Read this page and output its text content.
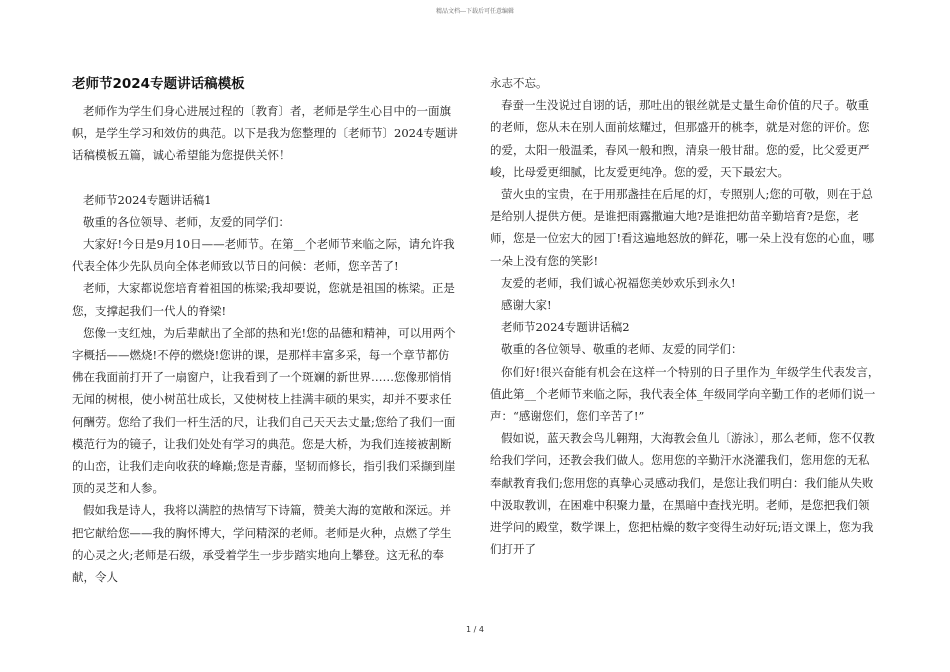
精品文档---下载后可任意编辑
老师节2024专题讲话稿模板

老师作为学生们身心进展过程的〔教育〕者，老师是学生心目中的一面旗帜，是学生学习和效仿的典范。以下是我为您整理的〔老师节〕2024专题讲话稿模板五篇，诚心希望能为您提供关怀！

老师节2024专题讲话稿1

敬重的各位领导、老师，友爱的同学们：

大家好!今日是9月10日——老师节。在第__个老师节来临之际，请允许我代表全体少先队员向全体老师致以节日的问候：老师，您辛苦了!

老师，大家都说您培育着祖国的栋梁;我却要说，您就是祖国的栋梁。正是您，支撑起我们一代人的脊梁!

您像一支红烛，为后辈献出了全部的热和光!您的品德和精神，可以用两个字概括——燃烧!不停的燃烧!您讲的课，是那样丰富多采，每一个章节都仿佛在我面前打开了一扇窗户，让我看到了一个斑斓的新世界……您像那悄悄无闻的树根，使小树茁壮成长，又使树枝上挂满丰硕的果实，却并不要求任何酬劳。您给了我们一杆生活的尺，让我们自己天天去丈量;您给了我们一面模范行为的镜子，让我们处处有学习的典范。您是大桥，为我们连接被割断的山峦，让我们走向收获的峰巅;您是青藤，坚韧而修长，指引我们采撷到崖顶的灵芝和人参。

假如我是诗人，我将以满腔的热情写下诗篇，赞美大海的宽敞和深远。并把它献给您——我的胸怀博大，学问精深的老师。老师是火种，点燃了学生的心灵之火;老师是石级，承受着学生一步步踏实地向上攀登。这无私的奉献，令人

永志不忘。

春蚕一生没说过自诩的话，那吐出的银丝就是丈量生命价值的尺子。敬重的老师，您从未在别人面前炫耀过，但那盛开的桃李，就是对您的评价。您的爱，太阳一般温柔，春风一般和煦，清泉一般甘甜。您的爱，比父爱更严峻，比母爱更细腻，比友爱更纯净。您的爱，天下最宏大。

萤火虫的宝贵，在于用那盏挂在后尾的灯，专照别人;您的可敬，则在于总是给别人提供方便。是谁把雨露撒遍大地?是谁把幼苗辛勤培育?是您，老师，您是一位宏大的园丁!看这遍地怒放的鲜花，哪一朵上没有您的心血，哪一朵上没有您的笑影!

友爱的老师，我们诚心祝福您美妙欢乐到永久!

感谢大家!

老师节2024专题讲话稿2

敬重的各位领导、敬重的老师、友爱的同学们：

你们好!很兴奋能有机会在这样一个特别的日子里作为_年级学生代表发言，值此第__个老师节来临之际，我代表全体_年级同学向辛勤工作的老师们说一声：“感谢您们，您们辛苦了!”

假如说，蓝天教会鸟儿翱翔，大海教会鱼儿〔游泳〕，那么老师，您不仅教给我们学问，还教会我们做人。您用您的辛勤汗水浇灌我们，您用您的无私奉献教育我们;您用您的真挚心灵感动我们，是您让我们明白：我们能从失败中汲取教训，在困难中积聚力量，在黑暗中查找光明。老师，是您把我们领进学问的殿堂，数学课上，您把枯燥的数字变得生动好玩;语文课上，您为我们打开了

1 / 4
